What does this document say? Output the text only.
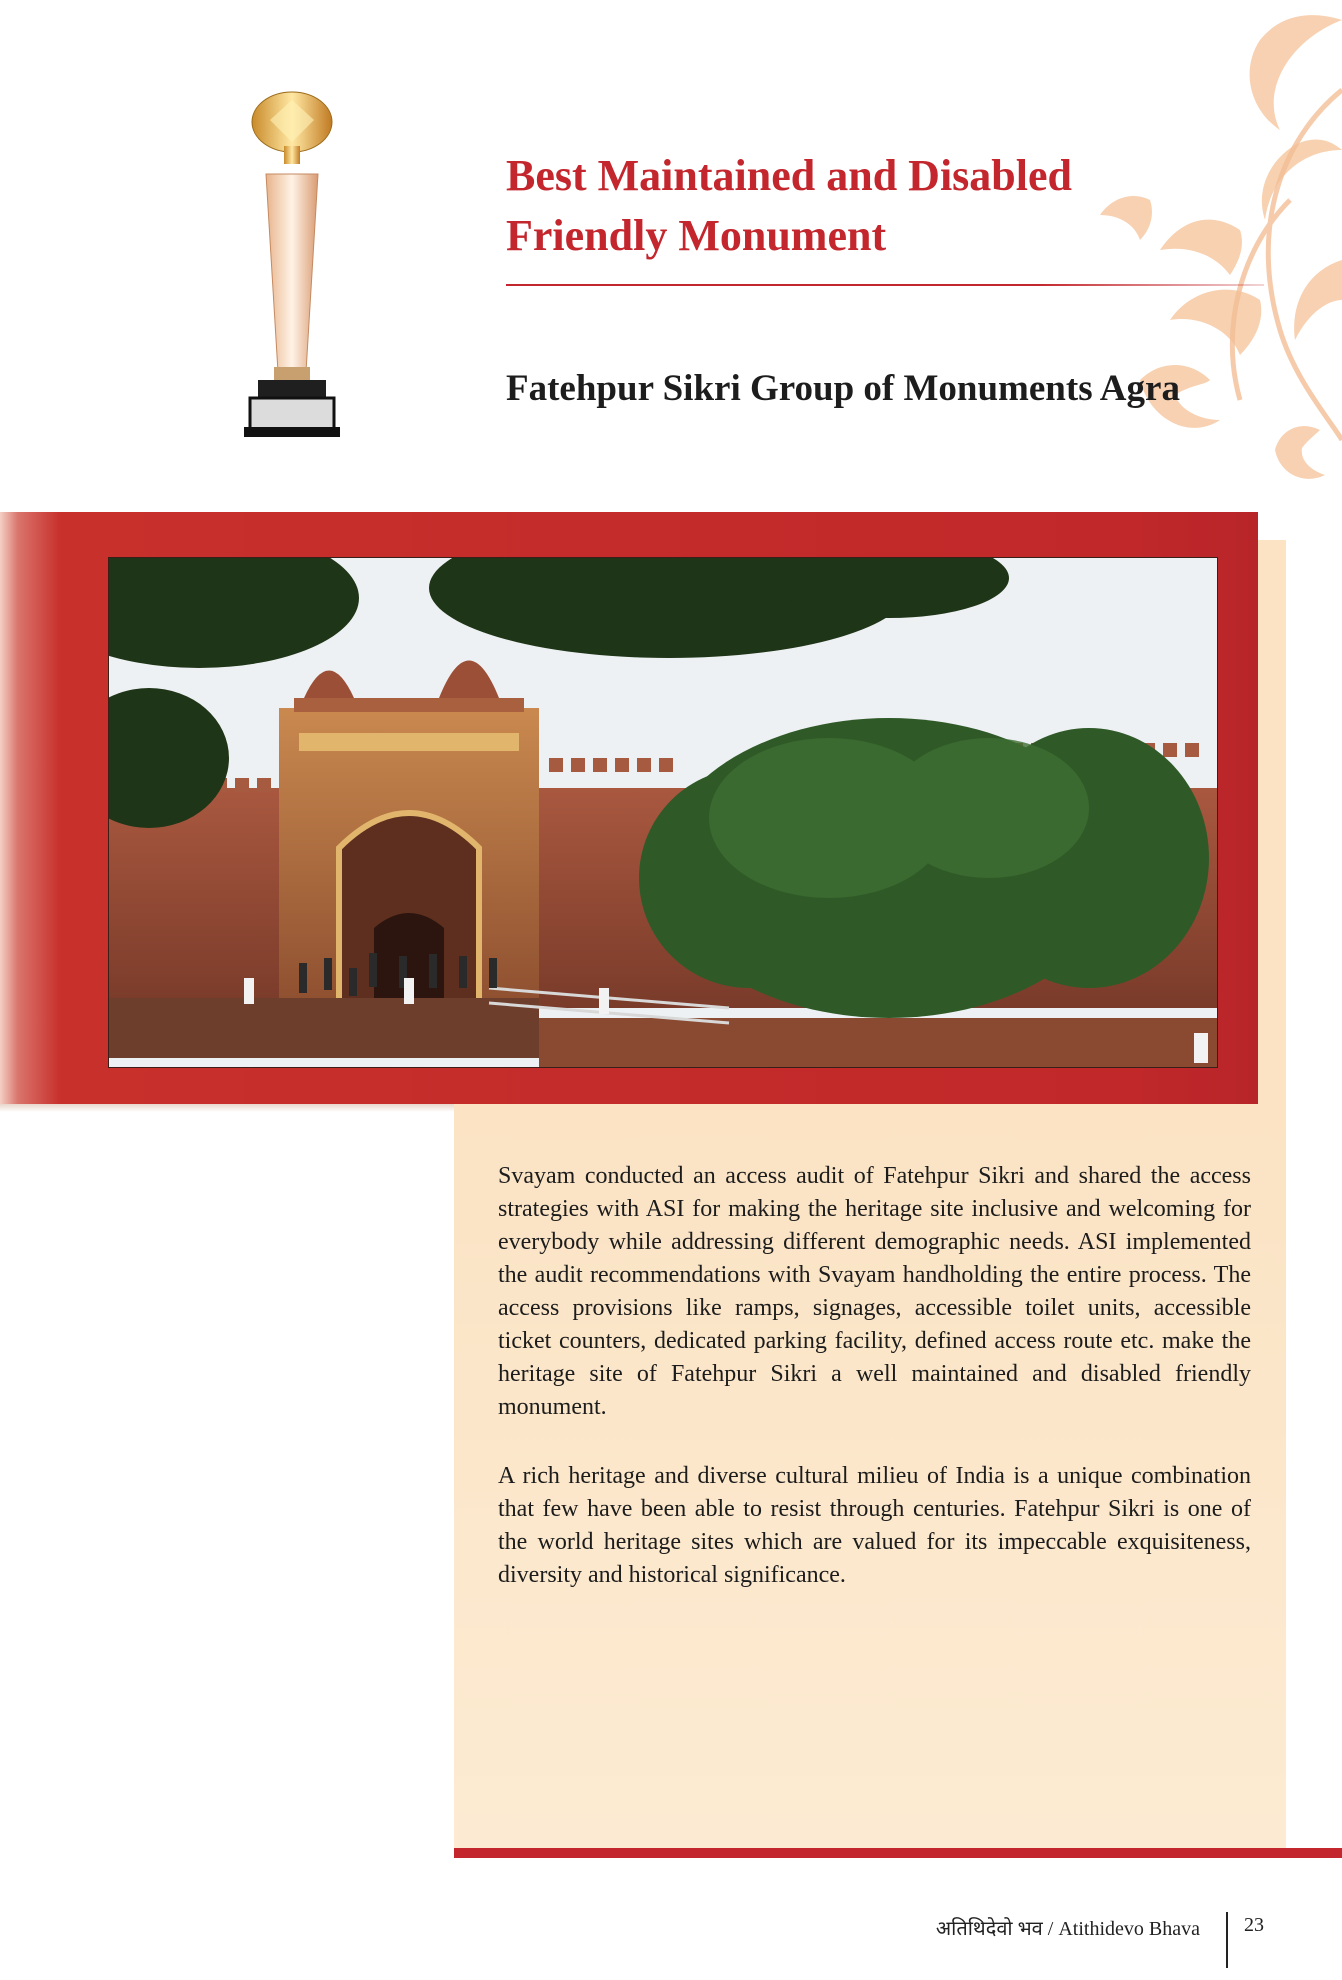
Best Maintained and Disabled Friendly Monument
Fatehpur Sikri Group of Monuments Agra

Svayam conducted an access audit of Fatehpur Sikri and shared the access strategies with ASI for making the heritage site inclusive and welcoming for everybody while addressing different demographic needs. ASI implemented the audit recommendations with Svayam handholding the entire process. The access provisions like ramps, signages, accessible toilet units, accessible ticket counters, dedicated parking facility, defined access route etc. make the heritage site of Fatehpur Sikri a well maintained and disabled friendly monument.

A rich heritage and diverse cultural milieu of India is a unique combination that few have been able to resist through centuries. Fatehpur Sikri is one of the world heritage sites which are valued for its impeccable exquisiteness, diversity and historical significance.

अतिथिदेवो भव / Atithidevo Bhava 23
